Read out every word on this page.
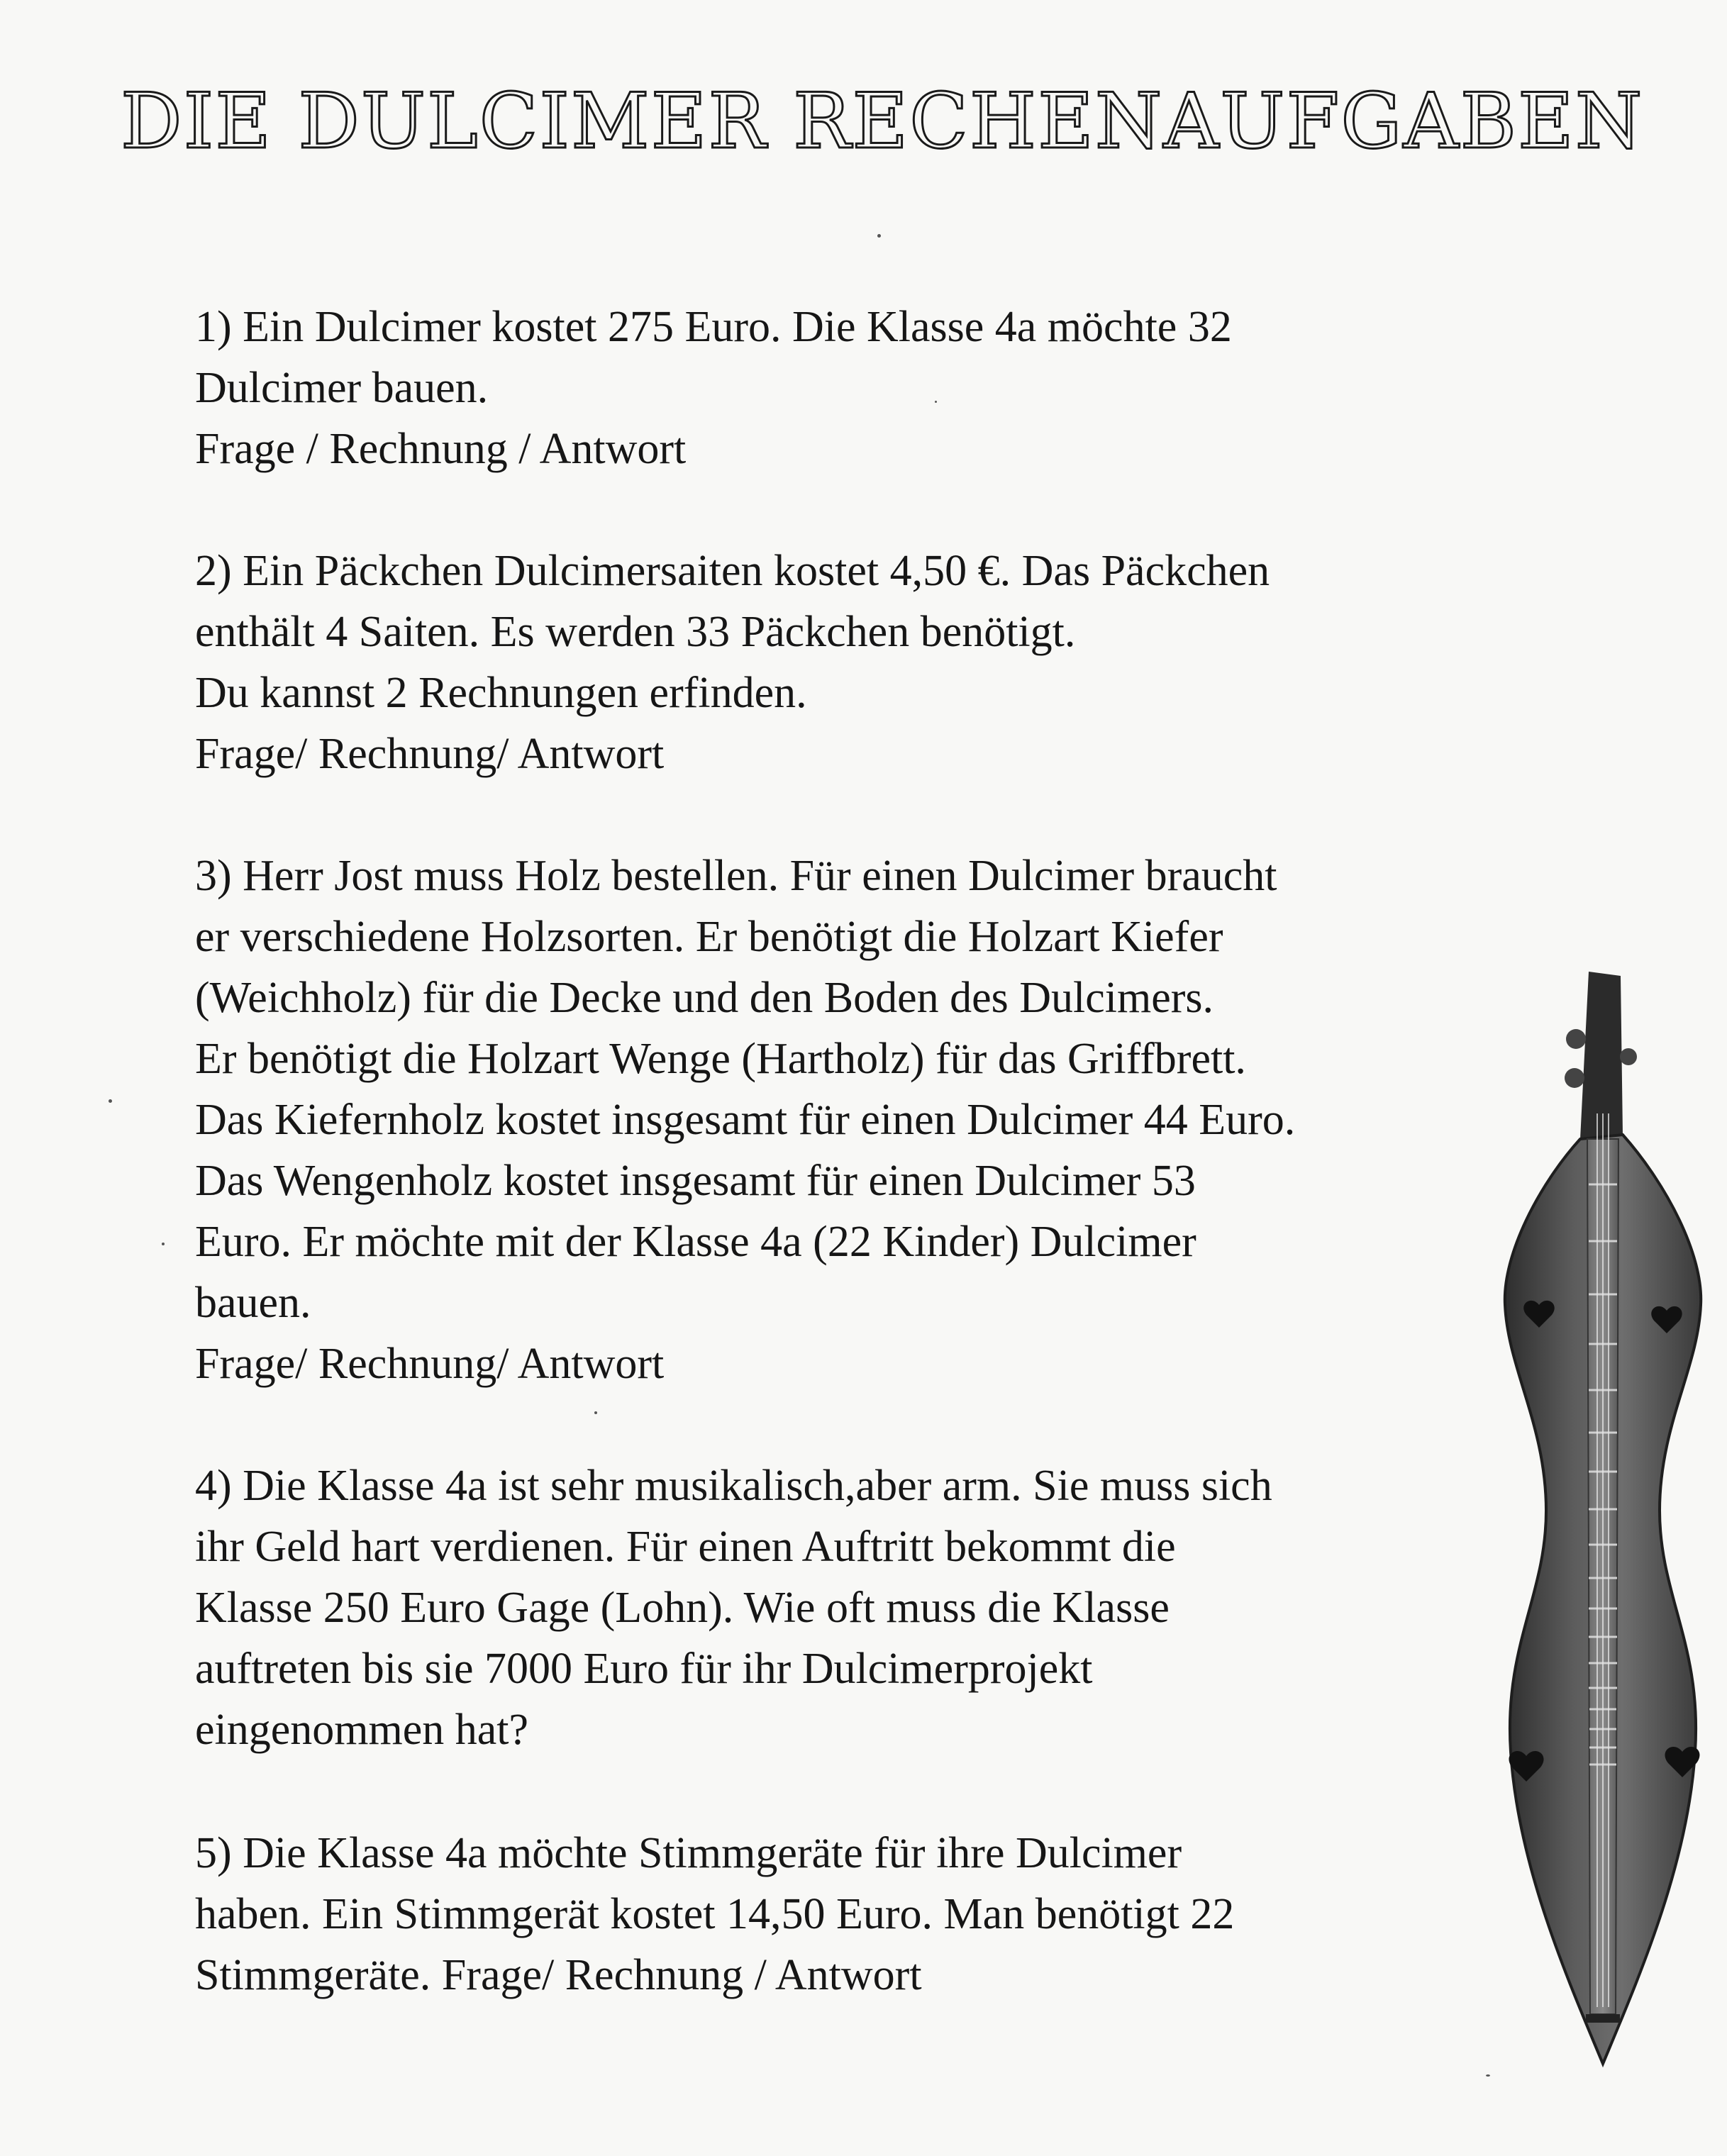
DIE DULCIMER RECHENAUFGABEN

1) Ein Dulcimer kostet 275 Euro. Die Klasse 4a möchte 32
Dulcimer bauen.
Frage / Rechnung / Antwort

2) Ein Päckchen Dulcimersaiten kostet 4,50 €. Das Päckchen
enthält 4 Saiten. Es werden 33 Päckchen benötigt.
Du kannst 2 Rechnungen erfinden.
Frage/ Rechnung/ Antwort

3) Herr Jost muss Holz bestellen. Für einen Dulcimer braucht
er verschiedene Holzsorten. Er benötigt die Holzart Kiefer
(Weichholz) für die Decke und den Boden des Dulcimers.
Er benötigt die Holzart Wenge (Hartholz) für das Griffbrett.
Das Kiefernholz kostet insgesamt für einen Dulcimer 44 Euro.
Das Wengenholz kostet insgesamt für einen Dulcimer 53
Euro. Er möchte mit der Klasse 4a (22 Kinder) Dulcimer
bauen.
Frage/ Rechnung/ Antwort

4) Die Klasse 4a ist sehr musikalisch,aber arm. Sie muss sich
ihr Geld hart verdienen. Für einen Auftritt bekommt die
Klasse 250 Euro Gage (Lohn). Wie oft muss die Klasse
auftreten bis sie 7000 Euro für ihr Dulcimerprojekt
eingenommen hat?

5) Die Klasse 4a möchte Stimmgeräte für ihre Dulcimer
haben. Ein Stimmgerät kostet 14,50 Euro. Man benötigt 22
Stimmgeräte. Frage/ Rechnung / Antwort
